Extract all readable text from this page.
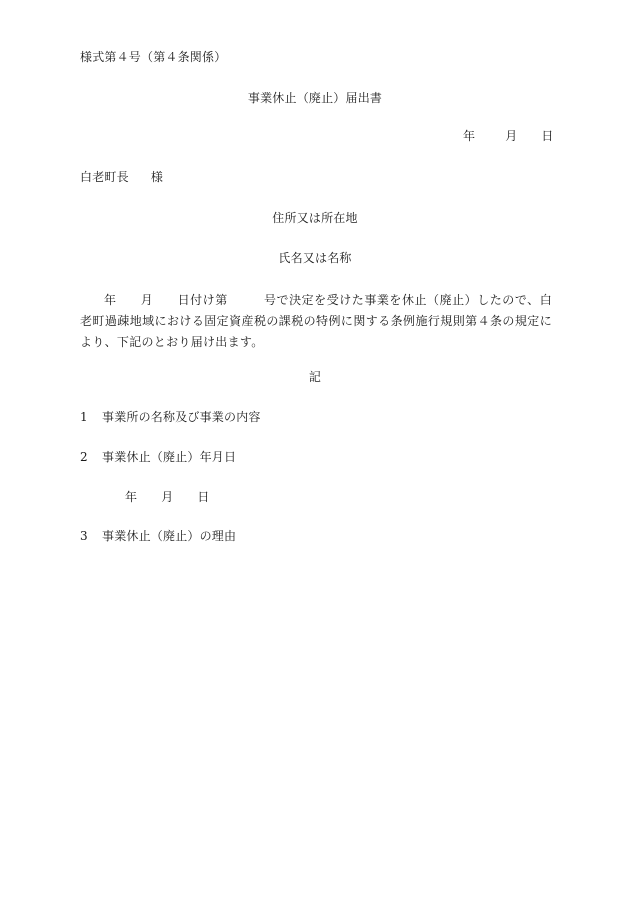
様式第４号（第４条関係）
事業休止（廃止）届出書
年	月 日
白老町長 様
住所又は所在地
氏名又は名称
年 月 日付け第	号で決定を受けた事業を休止（廃止）したので、白老町過疎地域における固定資産税の課税の特例に関する条例施行規則第４条の規定により、下記のとおり届け出ます。
記
1 事業所の名称及び事業の内容
2 事業休止（廃止）年月日
年 月 日
3 事業休止（廃止）の理由
